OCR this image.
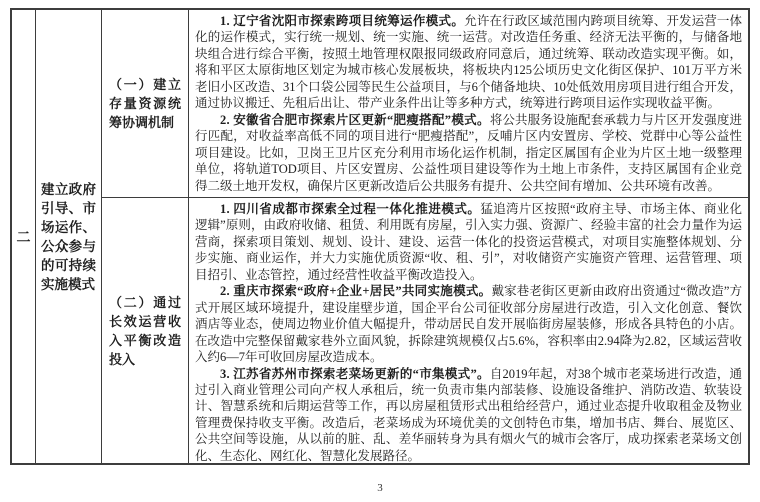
二
建立政府引导、市场运作、公众参与的可持续实施模式
（一）建立存量资源统筹协调机制

1. 辽宁省沈阳市探索跨项目统筹运作模式。允许在行政区域范围内跨项目统筹、开发运营一体化的运作模式，实行统一规划、统一实施、统一运营。对改造任务重、经济无法平衡的，与储备地块组合进行综合平衡，按照土地管理权限报同级政府同意后，通过统筹、联动改造实现平衡。如，将和平区太原街地区划定为城市核心发展板块，将板块内125公顷历史文化街区保护、101万平方米老旧小区改造、31个口袋公园等民生公益项目，与6个储备地块、10处低效用房项目进行组合开发，通过协议搬迁、先租后出让、带产业条件出让等多种方式，统筹进行跨项目运作实现收益平衡。

2. 安徽省合肥市探索片区更新“肥瘦搭配”模式。将公共服务设施配套承载力与片区开发强度进行匹配，对收益率高低不同的项目进行“肥瘦搭配”，反哺片区内安置房、学校、党群中心等公益性项目建设。比如，卫岗王卫片区充分利用市场化运作机制，指定区属国有企业为片区土地一级整理单位，将轨道TOD项目、片区安置房、公益性项目建设等作为土地上市条件，支持区属国有企业竞得二级土地开发权，确保片区更新改造后公共服务有提升、公共空间有增加、公共环境有改善。

（二）通过长效运营收入平衡改造投入

1. 四川省成都市探索全过程一体化推进模式。猛追湾片区按照“政府主导、市场主体、商业化逻辑”原则，由政府收储、租赁、利用既有房屋，引入实力强、资源广、经验丰富的社会力量作为运营商，探索项目策划、规划、设计、建设、运营一体化的投资运营模式，对项目实施整体规划、分步实施、商业运作，并大力实施优质资源“收、租、引”，对收储资产实施资产管理、运营管理、项目招引、业态管控，通过经营性收益平衡改造投入。

2. 重庆市探索“政府+企业+居民”共同实施模式。戴家巷老街区更新由政府出资通过“微改造”方式开展区域环境提升，建设崖壁步道，国企平台公司征收部分房屋进行改造，引入文化创意、餐饮酒店等业态，使周边物业价值大幅提升，带动居民自发开展临街房屋装修，形成各具特色的小店。在改造中完整保留戴家巷外立面风貌，拆除建筑规模仅占5.6%，容积率由2.94降为2.82，区域运营收入约6—7年可收回房屋改造成本。

3. 江苏省苏州市探索老菜场更新的“市集模式”。自2019年起，对38个城市老菜场进行改造，通过引入商业管理公司向产权人承租后，统一负责市集内部装修、设施设备维护、消防改造、软装设计、智慧系统和后期运营等工作，再以房屋租赁形式出租给经营户，通过业态提升收取租金及物业管理费保持收支平衡。改造后，老菜场成为环境优美的文创特色市集，增加书店、舞台、展览区、公共空间等设施，从以前的脏、乱、差华丽转身为具有烟火气的城市会客厅，成功探索老菜场文创化、生态化、网红化、智慧化发展路径。

3
